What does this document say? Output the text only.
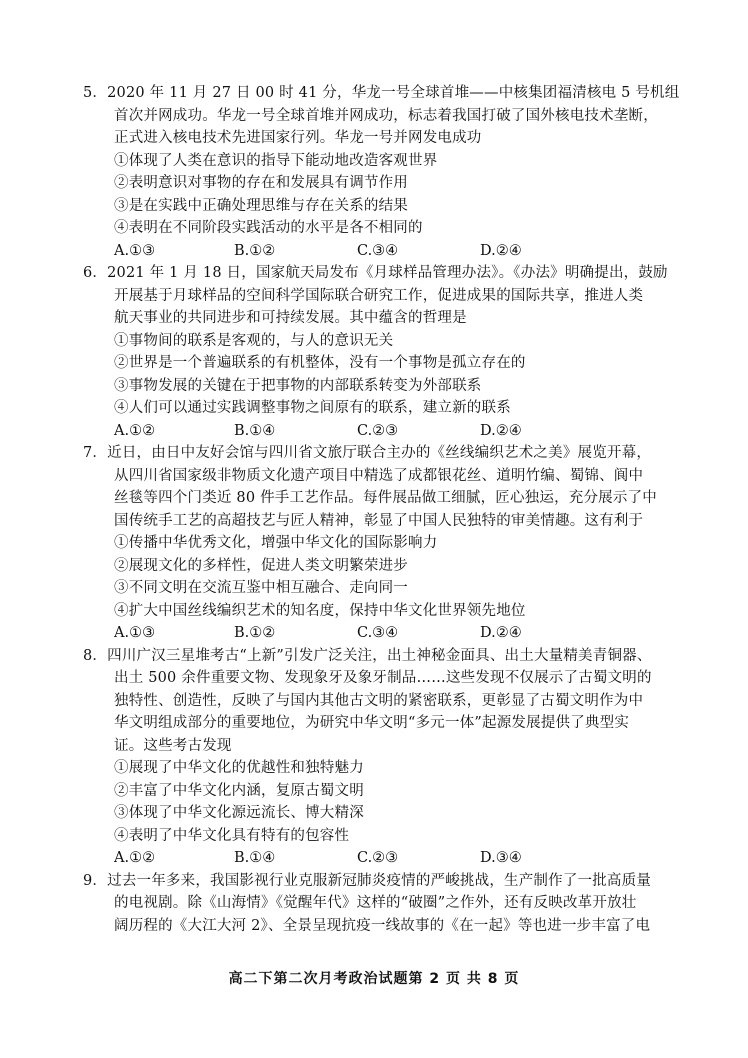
5．2020 年 11 月 27 日 00 时 41 分，华龙一号全球首堆——中核集团福清核电 5 号机组
首次并网成功。华龙一号全球首堆并网成功，标志着我国打破了国外核电技术垄断，
正式进入核电技术先进国家行列。华龙一号并网发电成功
①体现了人类在意识的指导下能动地改造客观世界
②表明意识对事物的存在和发展具有调节作用
③是在实践中正确处理思维与存在关系的结果
④表明在不同阶段实践活动的水平是各不相同的
A.①③	B.①②	C.③④	D.②④
6．2021 年 1 月 18 日，国家航天局发布《月球样品管理办法》。《办法》明确提出，鼓励
开展基于月球样品的空间科学国际联合研究工作，促进成果的国际共享，推进人类
航天事业的共同进步和可持续发展。其中蕴含的哲理是
①事物间的联系是客观的，与人的意识无关
②世界是一个普遍联系的有机整体，没有一个事物是孤立存在的
③事物发展的关键在于把事物的内部联系转变为外部联系
④人们可以通过实践调整事物之间原有的联系，建立新的联系
A.①②	B.①④	C.②③	D.②④
7．近日，由日中友好会馆与四川省文旅厅联合主办的《丝线编织艺术之美》展览开幕，
从四川省国家级非物质文化遗产项目中精选了成都银花丝、道明竹编、蜀锦、阆中
丝毯等四个门类近 80 件手工艺作品。每件展品做工细腻，匠心独运，充分展示了中
国传统手工艺的高超技艺与匠人精神，彰显了中国人民独特的审美情趣。这有利于
①传播中华优秀文化，增强中华文化的国际影响力
②展现文化的多样性，促进人类文明繁荣进步
③不同文明在交流互鉴中相互融合、走向同一
④扩大中国丝线编织艺术的知名度，保持中华文化世界领先地位
A.①③	B.①②	C.③④	D.②④
8．四川广汉三星堆考古“上新”引发广泛关注，出土神秘金面具、出土大量精美青铜器、
出土 500 余件重要文物、发现象牙及象牙制品……这些发现不仅展示了古蜀文明的
独特性、创造性，反映了与国内其他古文明的紧密联系，更彰显了古蜀文明作为中
华文明组成部分的重要地位，为研究中华文明“多元一体”起源发展提供了典型实
证。这些考古发现
①展现了中华文化的优越性和独特魅力
②丰富了中华文化内涵，复原古蜀文明
③体现了中华文化源远流长、博大精深
④表明了中华文化具有特有的包容性
A.①②	B.①④	C.②③	D.③④
9．过去一年多来，我国影视行业克服新冠肺炎疫情的严峻挑战，生产制作了一批高质量
的电视剧。除《山海情》《觉醒年代》这样的“破圈”之作外，还有反映改革开放壮
阔历程的《大江大河 2》、全景呈现抗疫一线故事的《在一起》等也进一步丰富了电
高二下第二次月考政治试题第 2 页 共 8 页
